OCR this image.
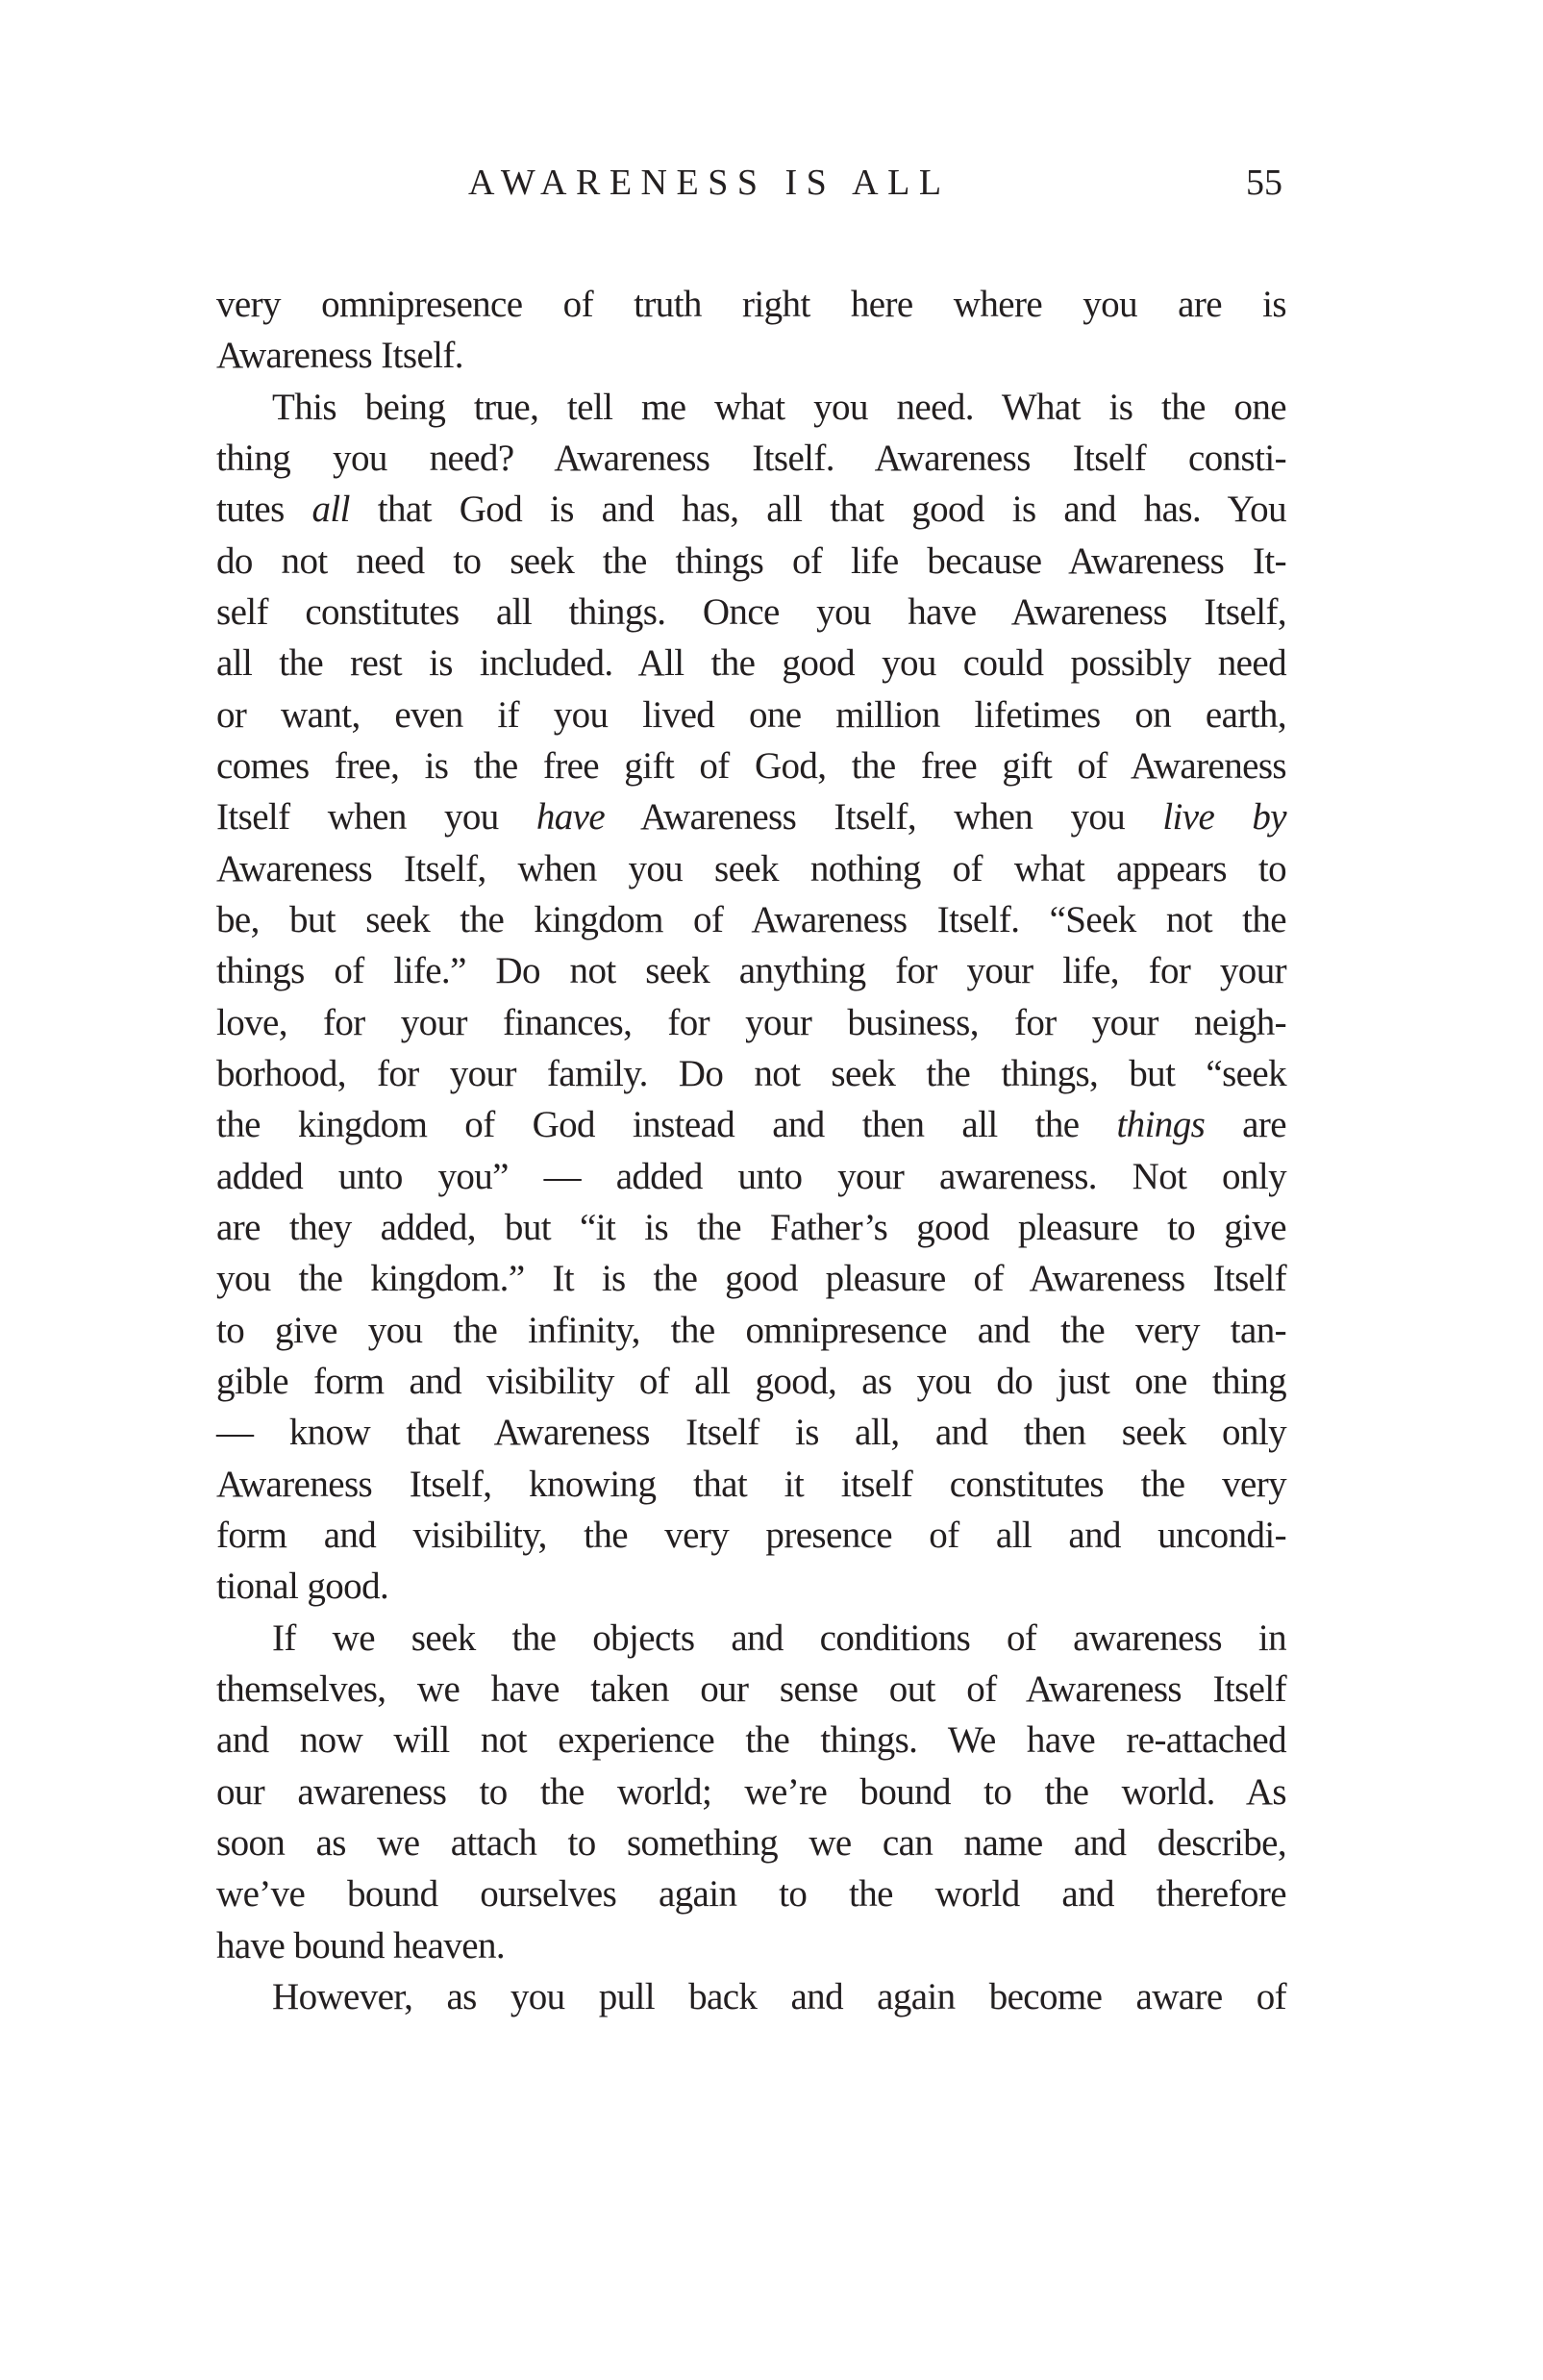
AWARENESS IS ALL	55
very omnipresence of truth right here where you are is
Awareness Itself.
This being true, tell me what you need. What is the one
thing you need? Awareness Itself. Awareness Itself consti-
tutes all that God is and has, all that good is and has. You
do not need to seek the things of life because Awareness It-
self constitutes all things. Once you have Awareness Itself,
all the rest is included. All the good you could possibly need
or want, even if you lived one million lifetimes on earth,
comes free, is the free gift of God, the free gift of Awareness
Itself when you have Awareness Itself, when you live by
Awareness Itself, when you seek nothing of what appears to
be, but seek the kingdom of Awareness Itself. “Seek not the
things of life.” Do not seek anything for your life, for your
love, for your finances, for your business, for your neigh-
borhood, for your family. Do not seek the things, but “seek
the kingdom of God instead and then all the things are
added unto you” — added unto your awareness. Not only
are they added, but “it is the Father’s good pleasure to give
you the kingdom.” It is the good pleasure of Awareness Itself
to give you the infinity, the omnipresence and the very tan-
gible form and visibility of all good, as you do just one thing
— know that Awareness Itself is all, and then seek only
Awareness Itself, knowing that it itself constitutes the very
form and visibility, the very presence of all and uncondi-
tional good.
If we seek the objects and conditions of awareness in
themselves, we have taken our sense out of Awareness Itself
and now will not experience the things. We have re-attached
our awareness to the world; we’re bound to the world. As
soon as we attach to something we can name and describe,
we’ve bound ourselves again to the world and therefore
have bound heaven.
However, as you pull back and again become aware of
